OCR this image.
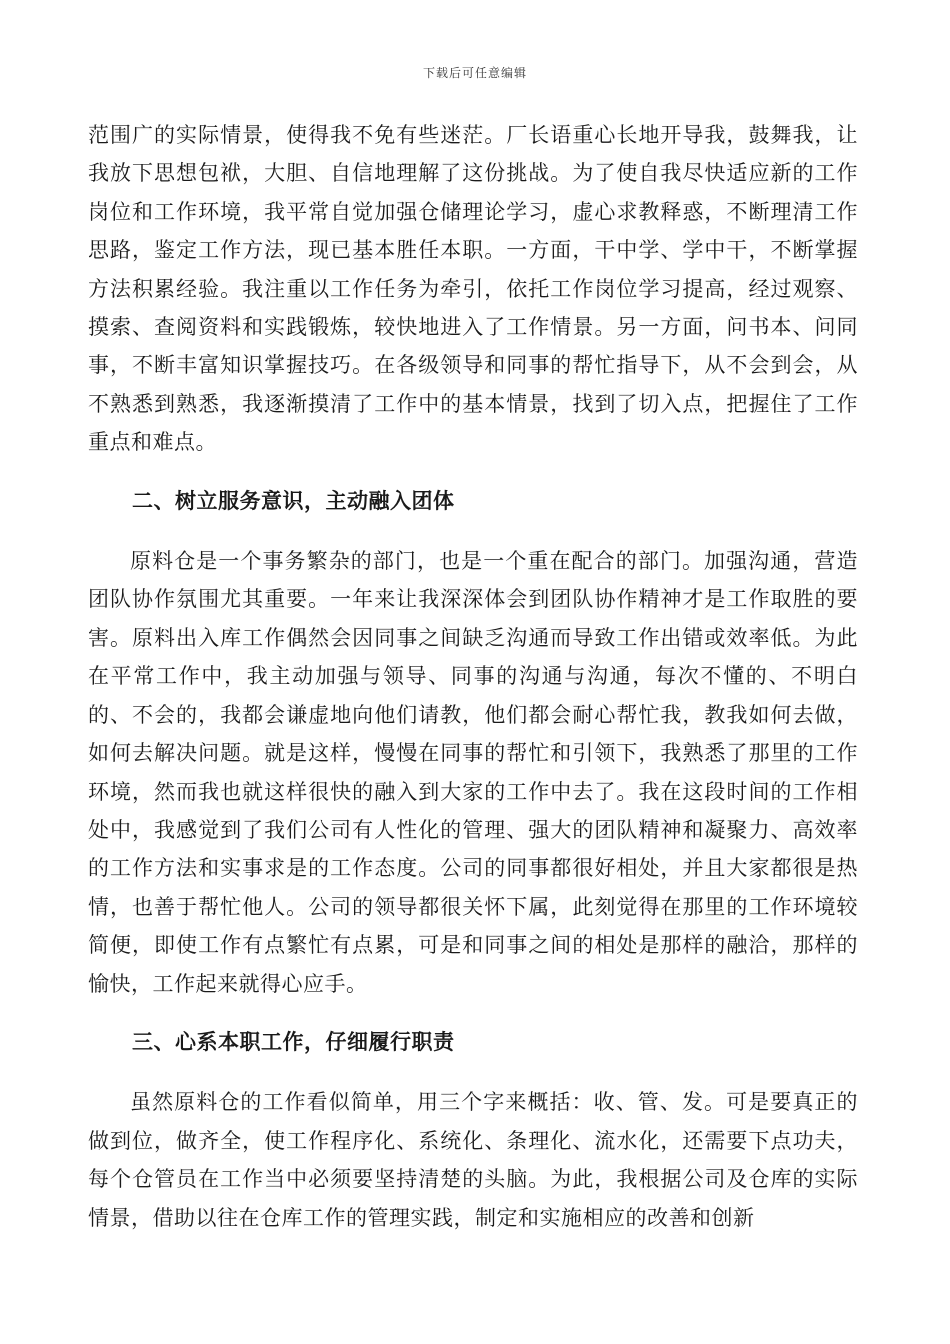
下载后可任意编辑

范围广的实际情景，使得我不免有些迷茫。厂长语重心长地开导我，鼓舞我，让我放下思想包袱，大胆、自信地理解了这份挑战。为了使自我尽快适应新的工作岗位和工作环境，我平常自觉加强仓储理论学习，虚心求教释惑，不断理清工作思路，鉴定工作方法，现已基本胜任本职。一方面，干中学、学中干，不断掌握方法积累经验。我注重以工作任务为牵引，依托工作岗位学习提高，经过观察、摸索、查阅资料和实践锻炼，较快地进入了工作情景。另一方面，问书本、问同事，不断丰富知识掌握技巧。在各级领导和同事的帮忙指导下，从不会到会，从不熟悉到熟悉，我逐渐摸清了工作中的基本情景，找到了切入点，把握住了工作重点和难点。

二、树立服务意识，主动融入团体

原料仓是一个事务繁杂的部门，也是一个重在配合的部门。加强沟通，营造团队协作氛围尤其重要。一年来让我深深体会到团队协作精神才是工作取胜的要害。原料出入库工作偶然会因同事之间缺乏沟通而导致工作出错或效率低。为此在平常工作中，我主动加强与领导、同事的沟通与沟通，每次不懂的、不明白的、不会的，我都会谦虚地向他们请教，他们都会耐心帮忙我，教我如何去做，如何去解决问题。就是这样，慢慢在同事的帮忙和引领下，我熟悉了那里的工作环境，然而我也就这样很快的融入到大家的工作中去了。我在这段时间的工作相处中，我感觉到了我们公司有人性化的管理、强大的团队精神和凝聚力、高效率的工作方法和实事求是的工作态度。公司的同事都很好相处，并且大家都很是热情，也善于帮忙他人。公司的领导都很关怀下属，此刻觉得在那里的工作环境较简便，即使工作有点繁忙有点累，可是和同事之间的相处是那样的融洽，那样的愉快，工作起来就得心应手。

三、心系本职工作，仔细履行职责

虽然原料仓的工作看似简单，用三个字来概括：收、管、发。可是要真正的做到位，做齐全，使工作程序化、系统化、条理化、流水化，还需要下点功夫，每个仓管员在工作当中必须要坚持清楚的头脑。为此，我根据公司及仓库的实际情景，借助以往在仓库工作的管理实践，制定和实施相应的改善和创新
